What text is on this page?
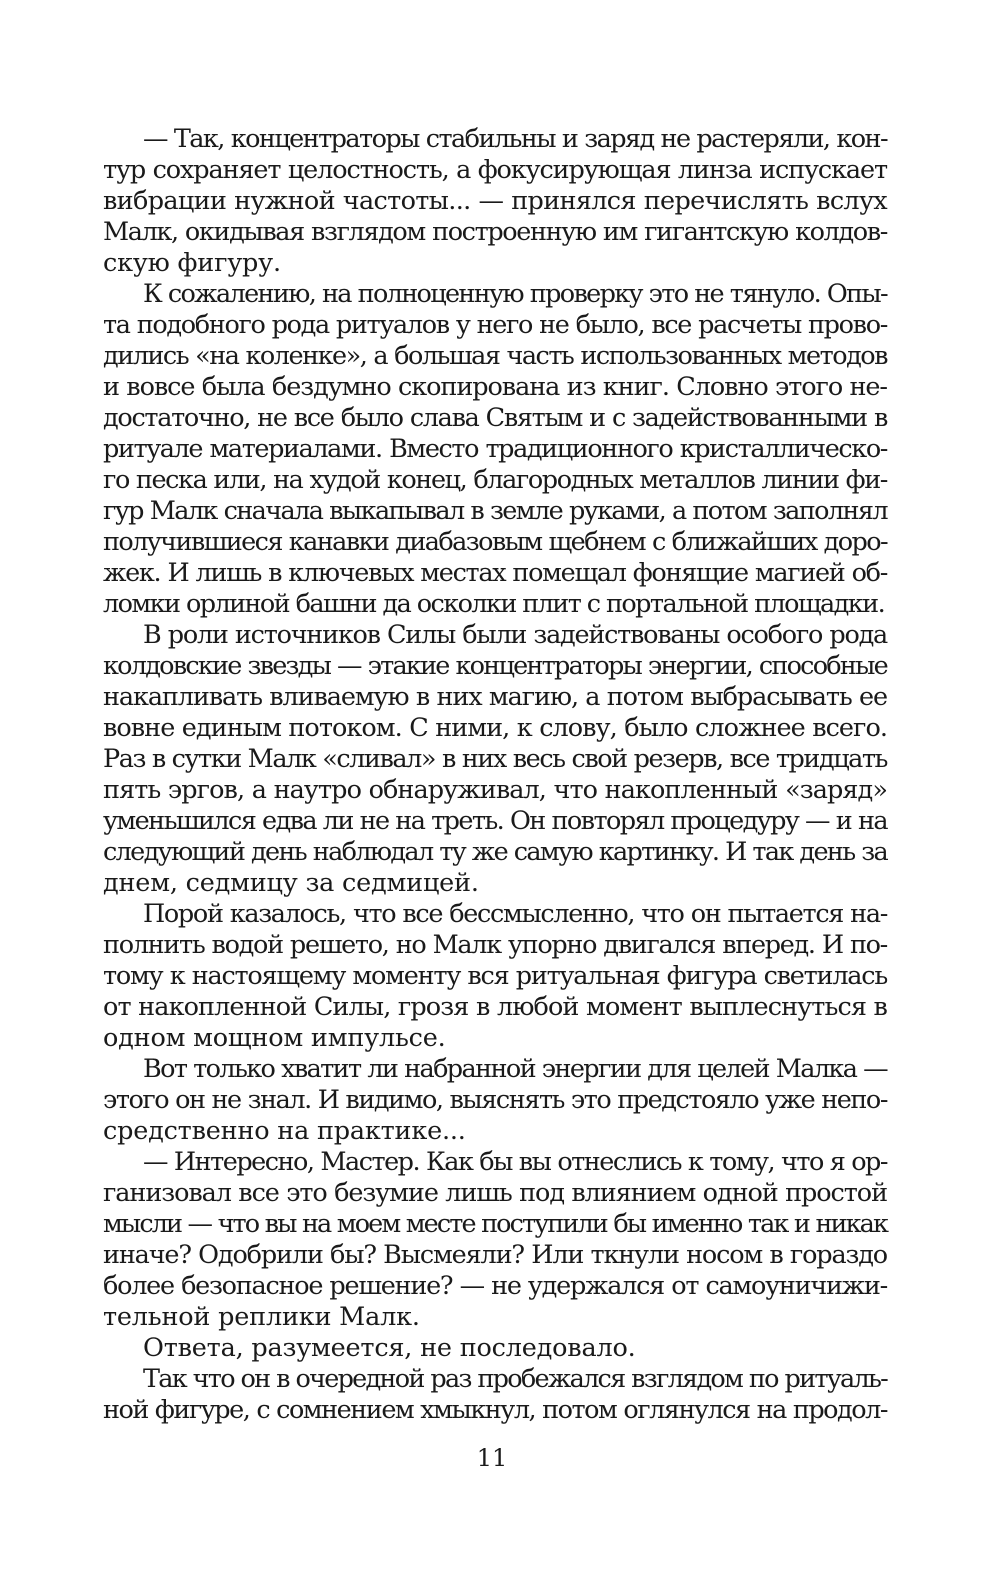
— Так, концентраторы стабильны и заряд не растеряли, кон-
тур сохраняет целостность, а фокусирующая линза испускает
вибрации нужной частоты... — принялся перечислять вслух
Малк, окидывая взглядом построенную им гигантскую колдов-
скую фигуру.
К сожалению, на полноценную проверку это не тянуло. Опы-
та подобного рода ритуалов у него не было, все расчеты прово-
дились «на коленке», а большая часть использованных методов
и вовсе была бездумно скопирована из книг. Словно этого не-
достаточно, не все было слава Святым и с задействованными в
ритуале материалами. Вместо традиционного кристаллическо-
го песка или, на худой конец, благородных металлов линии фи-
гур Малк сначала выкапывал в земле руками, а потом заполнял
получившиеся канавки диабазовым щебнем с ближайших доро-
жек. И лишь в ключевых местах помещал фонящие магией об-
ломки орлиной башни да осколки плит с портальной площадки.
В роли источников Силы были задействованы особого рода
колдовские звезды — этакие концентраторы энергии, способные
накапливать вливаемую в них магию, а потом выбрасывать ее
вовне единым потоком. С ними, к слову, было сложнее всего.
Раз в сутки Малк «сливал» в них весь свой резерв, все тридцать
пять эргов, а наутро обнаруживал, что накопленный «заряд»
уменьшился едва ли не на треть. Он повторял процедуру — и на
следующий день наблюдал ту же самую картинку. И так день за
днем, седмицу за седмицей.
Порой казалось, что все бессмысленно, что он пытается на-
полнить водой решето, но Малк упорно двигался вперед. И по-
тому к настоящему моменту вся ритуальная фигура светилась
от накопленной Силы, грозя в любой момент выплеснуться в
одном мощном импульсе.
Вот только хватит ли набранной энергии для целей Малка —
этого он не знал. И видимо, выяснять это предстояло уже непо-
средственно на практике...
— Интересно, Мастер. Как бы вы отнеслись к тому, что я ор-
ганизовал все это безумие лишь под влиянием одной простой
мысли — что вы на моем месте поступили бы именно так и никак
иначе? Одобрили бы? Высмеяли? Или ткнули носом в гораздо
более безопасное решение? — не удержался от самоуничижи-
тельной реплики Малк.
Ответа, разумеется, не последовало.
Так что он в очередной раз пробежался взглядом по ритуаль-
ной фигуре, с сомнением хмыкнул, потом оглянулся на продол-
11
